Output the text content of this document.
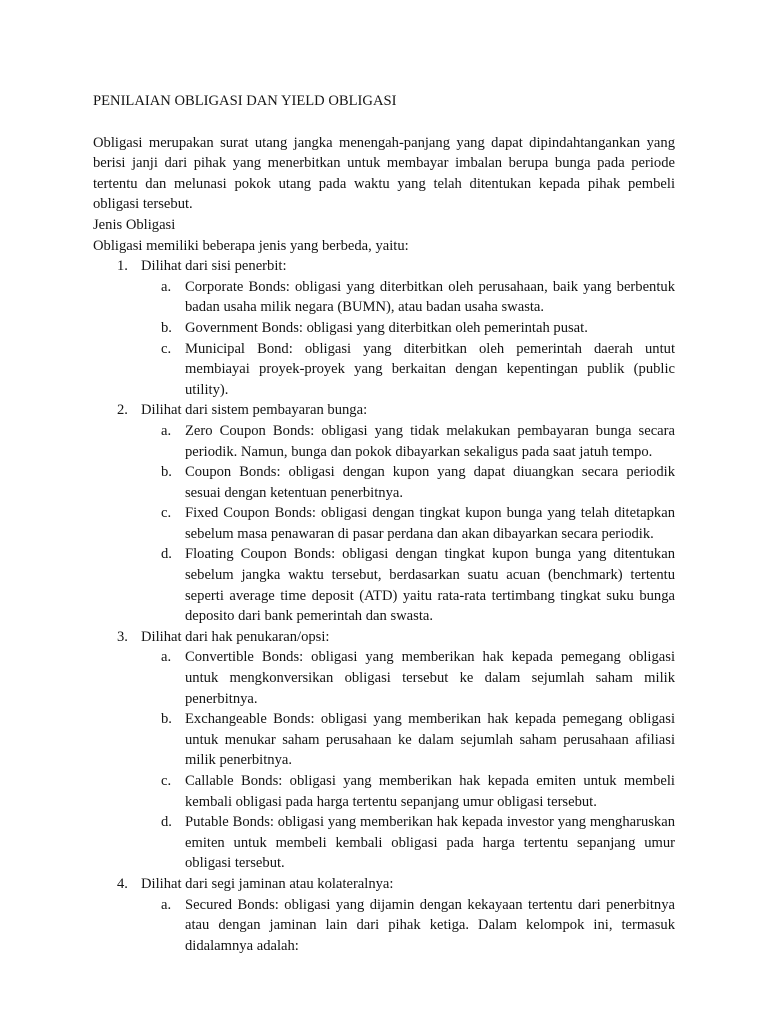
PENILAIAN OBLIGASI DAN YIELD OBLIGASI

Obligasi merupakan surat utang jangka menengah-panjang yang dapat dipindahtangankan yang berisi janji dari pihak yang menerbitkan untuk membayar imbalan berupa bunga pada periode tertentu dan melunasi pokok utang pada waktu yang telah ditentukan kepada pihak pembeli obligasi tersebut.

Jenis Obligasi

Obligasi memiliki beberapa jenis yang berbeda, yaitu:

1. Dilihat dari sisi penerbit:
a. Corporate Bonds: obligasi yang diterbitkan oleh perusahaan, baik yang berbentuk badan usaha milik negara (BUMN), atau badan usaha swasta.
b. Government Bonds: obligasi yang diterbitkan oleh pemerintah pusat.
c. Municipal Bond: obligasi yang diterbitkan oleh pemerintah daerah untut membiayai proyek-proyek yang berkaitan dengan kepentingan publik (public utility).
2. Dilihat dari sistem pembayaran bunga:
a. Zero Coupon Bonds: obligasi yang tidak melakukan pembayaran bunga secara periodik. Namun, bunga dan pokok dibayarkan sekaligus pada saat jatuh tempo.
b. Coupon Bonds: obligasi dengan kupon yang dapat diuangkan secara periodik sesuai dengan ketentuan penerbitnya.
c. Fixed Coupon Bonds: obligasi dengan tingkat kupon bunga yang telah ditetapkan sebelum masa penawaran di pasar perdana dan akan dibayarkan secara periodik.
d. Floating Coupon Bonds: obligasi dengan tingkat kupon bunga yang ditentukan sebelum jangka waktu tersebut, berdasarkan suatu acuan (benchmark) tertentu seperti average time deposit (ATD) yaitu rata-rata tertimbang tingkat suku bunga deposito dari bank pemerintah dan swasta.
3. Dilihat dari hak penukaran/opsi:
a. Convertible Bonds: obligasi yang memberikan hak kepada pemegang obligasi untuk mengkonversikan obligasi tersebut ke dalam sejumlah saham milik penerbitnya.
b. Exchangeable Bonds: obligasi yang memberikan hak kepada pemegang obligasi untuk menukar saham perusahaan ke dalam sejumlah saham perusahaan afiliasi milik penerbitnya.
c. Callable Bonds: obligasi yang memberikan hak kepada emiten untuk membeli kembali obligasi pada harga tertentu sepanjang umur obligasi tersebut.
d. Putable Bonds: obligasi yang memberikan hak kepada investor yang mengharuskan emiten untuk membeli kembali obligasi pada harga tertentu sepanjang umur obligasi tersebut.
4. Dilihat dari segi jaminan atau kolateralnya:
a. Secured Bonds: obligasi yang dijamin dengan kekayaan tertentu dari penerbitnya atau dengan jaminan lain dari pihak ketiga. Dalam kelompok ini, termasuk didalamnya adalah:
